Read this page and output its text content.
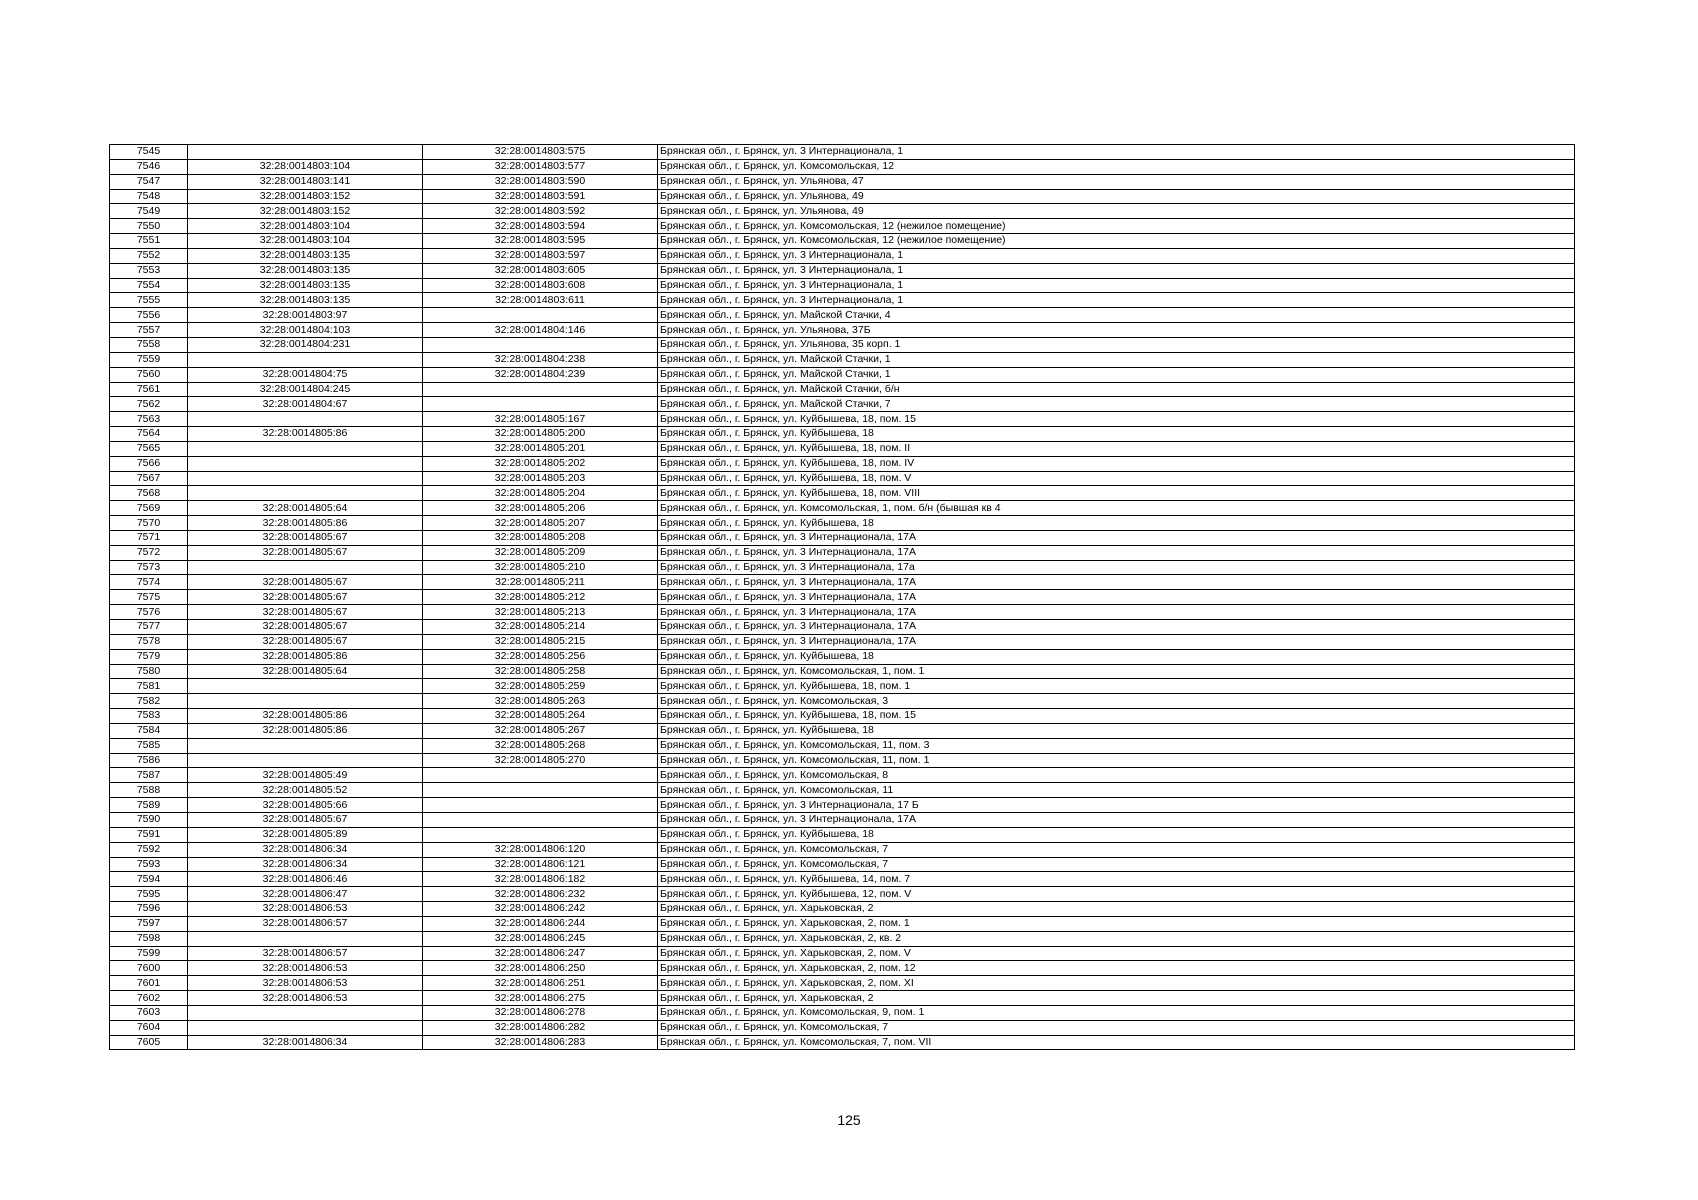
7545		32:28:0014803:575	Брянская обл., г. Брянск, ул. 3 Интернационала, 1
7546	32:28:0014803:104	32:28:0014803:577	Брянская обл., г. Брянск, ул. Комсомольская, 12
7547	32:28:0014803:141	32:28:0014803:590	Брянская обл., г. Брянск, ул. Ульянова, 47
7548	32:28:0014803:152	32:28:0014803:591	Брянская обл., г. Брянск, ул. Ульянова, 49
7549	32:28:0014803:152	32:28:0014803:592	Брянская обл., г. Брянск, ул. Ульянова, 49
7550	32:28:0014803:104	32:28:0014803:594	Брянская обл., г. Брянск, ул. Комсомольская, 12 (нежилое помещение)
7551	32:28:0014803:104	32:28:0014803:595	Брянская обл., г. Брянск, ул. Комсомольская, 12 (нежилое помещение)
7552	32:28:0014803:135	32:28:0014803:597	Брянская обл., г. Брянск, ул. 3 Интернационала, 1
7553	32:28:0014803:135	32:28:0014803:605	Брянская обл., г. Брянск, ул. 3 Интернационала, 1
7554	32:28:0014803:135	32:28:0014803:608	Брянская обл., г. Брянск, ул. 3 Интернационала, 1
7555	32:28:0014803:135	32:28:0014803:611	Брянская обл., г. Брянск, ул. 3 Интернационала, 1
7556	32:28:0014803:97		Брянская обл., г. Брянск, ул. Майской Стачки, 4
7557	32:28:0014804:103	32:28:0014804:146	Брянская обл., г. Брянск, ул. Ульянова, 37Б
7558	32:28:0014804:231		Брянская обл., г. Брянск, ул. Ульянова, 35 корп. 1
7559		32:28:0014804:238	Брянская обл., г. Брянск, ул. Майской Стачки, 1
7560	32:28:0014804:75	32:28:0014804:239	Брянская обл., г. Брянск, ул. Майской Стачки, 1
7561	32:28:0014804:245		Брянская обл., г. Брянск, ул. Майской Стачки, б/н
7562	32:28:0014804:67		Брянская обл., г. Брянск, ул. Майской Стачки, 7
7563		32:28:0014805:167	Брянская обл., г. Брянск, ул. Куйбышева, 18, пом. 15
7564	32:28:0014805:86	32:28:0014805:200	Брянская обл., г. Брянск, ул. Куйбышева, 18
7565		32:28:0014805:201	Брянская обл., г. Брянск, ул. Куйбышева, 18, пом. II
7566		32:28:0014805:202	Брянская обл., г. Брянск, ул. Куйбышева, 18, пом. IV
7567		32:28:0014805:203	Брянская обл., г. Брянск, ул. Куйбышева, 18, пом. V
7568		32:28:0014805:204	Брянская обл., г. Брянск, ул. Куйбышева, 18, пом. VIII
7569	32:28:0014805:64	32:28:0014805:206	Брянская обл., г. Брянск, ул. Комсомольская, 1, пом. б/н (бывшая кв 4
7570	32:28:0014805:86	32:28:0014805:207	Брянская обл., г. Брянск, ул. Куйбышева, 18
7571	32:28:0014805:67	32:28:0014805:208	Брянская обл., г. Брянск, ул. 3 Интернационала, 17А
7572	32:28:0014805:67	32:28:0014805:209	Брянская обл., г. Брянск, ул. 3 Интернационала, 17А
7573		32:28:0014805:210	Брянская обл., г. Брянск, ул. 3 Интернационала, 17а
7574	32:28:0014805:67	32:28:0014805:211	Брянская обл., г. Брянск, ул. 3 Интернационала, 17А
7575	32:28:0014805:67	32:28:0014805:212	Брянская обл., г. Брянск, ул. 3 Интернационала, 17А
7576	32:28:0014805:67	32:28:0014805:213	Брянская обл., г. Брянск, ул. 3 Интернационала, 17А
7577	32:28:0014805:67	32:28:0014805:214	Брянская обл., г. Брянск, ул. 3 Интернационала, 17А
7578	32:28:0014805:67	32:28:0014805:215	Брянская обл., г. Брянск, ул. 3 Интернационала, 17А
7579	32:28:0014805:86	32:28:0014805:256	Брянская обл., г. Брянск, ул. Куйбышева, 18
7580	32:28:0014805:64	32:28:0014805:258	Брянская обл., г. Брянск, ул. Комсомольская, 1, пом. 1
7581		32:28:0014805:259	Брянская обл., г. Брянск, ул. Куйбышева, 18, пом. 1
7582		32:28:0014805:263	Брянская обл., г. Брянск, ул. Комсомольская, 3
7583	32:28:0014805:86	32:28:0014805:264	Брянская обл., г. Брянск, ул. Куйбышева, 18, пом. 15
7584	32:28:0014805:86	32:28:0014805:267	Брянская обл., г. Брянск, ул. Куйбышева, 18
7585		32:28:0014805:268	Брянская обл., г. Брянск, ул. Комсомольская, 11, пом. 3
7586		32:28:0014805:270	Брянская обл., г. Брянск, ул. Комсомольская, 11, пом. 1
7587	32:28:0014805:49		Брянская обл., г. Брянск, ул. Комсомольская, 8
7588	32:28:0014805:52		Брянская обл., г. Брянск, ул. Комсомольская, 11
7589	32:28:0014805:66		Брянская обл., г. Брянск, ул. 3 Интернационала, 17 Б
7590	32:28:0014805:67		Брянская обл., г. Брянск, ул. 3 Интернационала, 17А
7591	32:28:0014805:89		Брянская обл., г. Брянск, ул. Куйбышева, 18
7592	32:28:0014806:34	32:28:0014806:120	Брянская обл., г. Брянск, ул. Комсомольская, 7
7593	32:28:0014806:34	32:28:0014806:121	Брянская обл., г. Брянск, ул. Комсомольская, 7
7594	32:28:0014806:46	32:28:0014806:182	Брянская обл., г. Брянск, ул. Куйбышева, 14, пом. 7
7595	32:28:0014806:47	32:28:0014806:232	Брянская обл., г. Брянск, ул. Куйбышева, 12, пом. V
7596	32:28:0014806:53	32:28:0014806:242	Брянская обл., г. Брянск, ул. Харьковская, 2
7597	32:28:0014806:57	32:28:0014806:244	Брянская обл., г. Брянск, ул. Харьковская, 2, пом. 1
7598		32:28:0014806:245	Брянская обл., г. Брянск, ул. Харьковская, 2, кв. 2
7599	32:28:0014806:57	32:28:0014806:247	Брянская обл., г. Брянск, ул. Харьковская, 2, пом. V
7600	32:28:0014806:53	32:28:0014806:250	Брянская обл., г. Брянск, ул. Харьковская, 2, пом. 12
7601	32:28:0014806:53	32:28:0014806:251	Брянская обл., г. Брянск, ул. Харьковская, 2, пом. XI
7602	32:28:0014806:53	32:28:0014806:275	Брянская обл., г. Брянск, ул. Харьковская, 2
7603		32:28:0014806:278	Брянская обл., г. Брянск, ул. Комсомольская, 9, пом. 1
7604		32:28:0014806:282	Брянская обл., г. Брянск, ул. Комсомольская, 7
7605	32:28:0014806:34	32:28:0014806:283	Брянская обл., г. Брянск, ул. Комсомольская, 7, пом. VII
125
